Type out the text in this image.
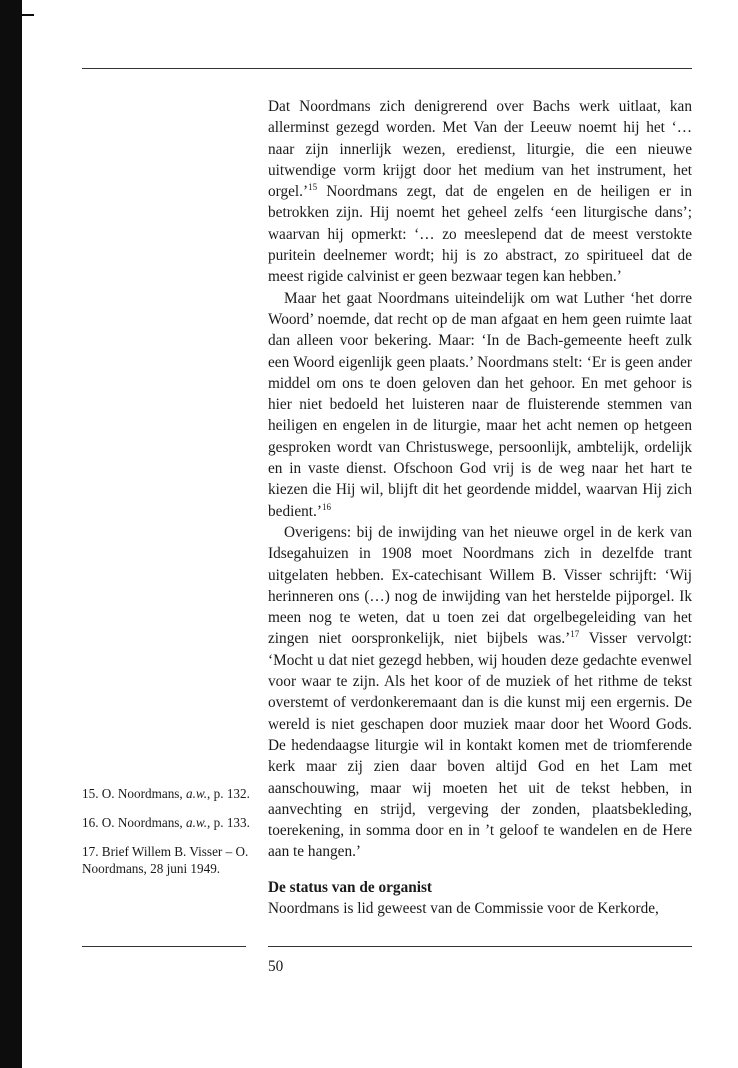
Dat Noordmans zich denigrerend over Bachs werk uitlaat, kan allerminst gezegd worden. Met Van der Leeuw noemt hij het ‘… naar zijn innerlijk wezen, eredienst, liturgie, die een nieuwe uitwendige vorm krijgt door het medium van het instrument, het orgel.’$^{15}$ Noordmans zegt, dat de engelen en de heiligen er in betrokken zijn. Hij noemt het geheel zelfs ‘een liturgische dans’; waarvan hij opmerkt: ‘… zo meeslepend dat de meest verstokte puritein deelnemer wordt; hij is zo abstract, zo spiritueel dat de meest rigide calvinist er geen bezwaar tegen kan hebben.’

Maar het gaat Noordmans uiteindelijk om wat Luther ‘het dorre Woord’ noemde, dat recht op de man afgaat en hem geen ruimte laat dan alleen voor bekering. Maar: ‘In de Bach-gemeente heeft zulk een Woord eigenlijk geen plaats.’ Noordmans stelt: ‘Er is geen ander middel om ons te doen geloven dan het gehoor. En met gehoor is hier niet bedoeld het luisteren naar de fluisterende stemmen van heiligen en engelen in de liturgie, maar het acht nemen op hetgeen gesproken wordt van Christuswege, persoonlijk, ambtelijk, ordelijk en in vaste dienst. Ofschoon God vrij is de weg naar het hart te kiezen die Hij wil, blijft dit het geordende middel, waarvan Hij zich bedient.’$^{16}$

Overigens: bij de inwijding van het nieuwe orgel in de kerk van Idsegahuizen in 1908 moet Noordmans zich in dezelfde trant uitgelaten hebben. Ex-catechisant Willem B. Visser schrijft: ‘Wij herinneren ons (…) nog de inwijding van het herstelde pijporgel. Ik meen nog te weten, dat u toen zei dat orgelbegeleiding van het zingen niet oorspronkelijk, niet bijbels was.’$^{17}$ Visser vervolgt: ‘Mocht u dat niet gezegd hebben, wij houden deze gedachte evenwel voor waar te zijn. Als het koor of de muziek of het rithme de tekst overstemt of verdonkeremaant dan is die kunst mij een ergernis. De wereld is niet geschapen door muziek maar door het Woord Gods. De hedendaagse liturgie wil in kontakt komen met de triomferende kerk maar zij zien daar boven altijd God en het Lam met aanschouwing, maar wij moeten het uit de tekst hebben, in aanvechting en strijd, vergeving der zonden, plaatsbekleding, toerekening, in somma door en in ’t geloof te wandelen en de Here aan te hangen.’

De status van de organist

Noordmans is lid geweest van de Commissie voor de Kerkorde,

15. O. Noordmans, a.w., p. 132.
16. O. Noordmans, a.w., p. 133.
17. Brief Willem B. Visser – O. Noordmans, 28 juni 1949.
50
